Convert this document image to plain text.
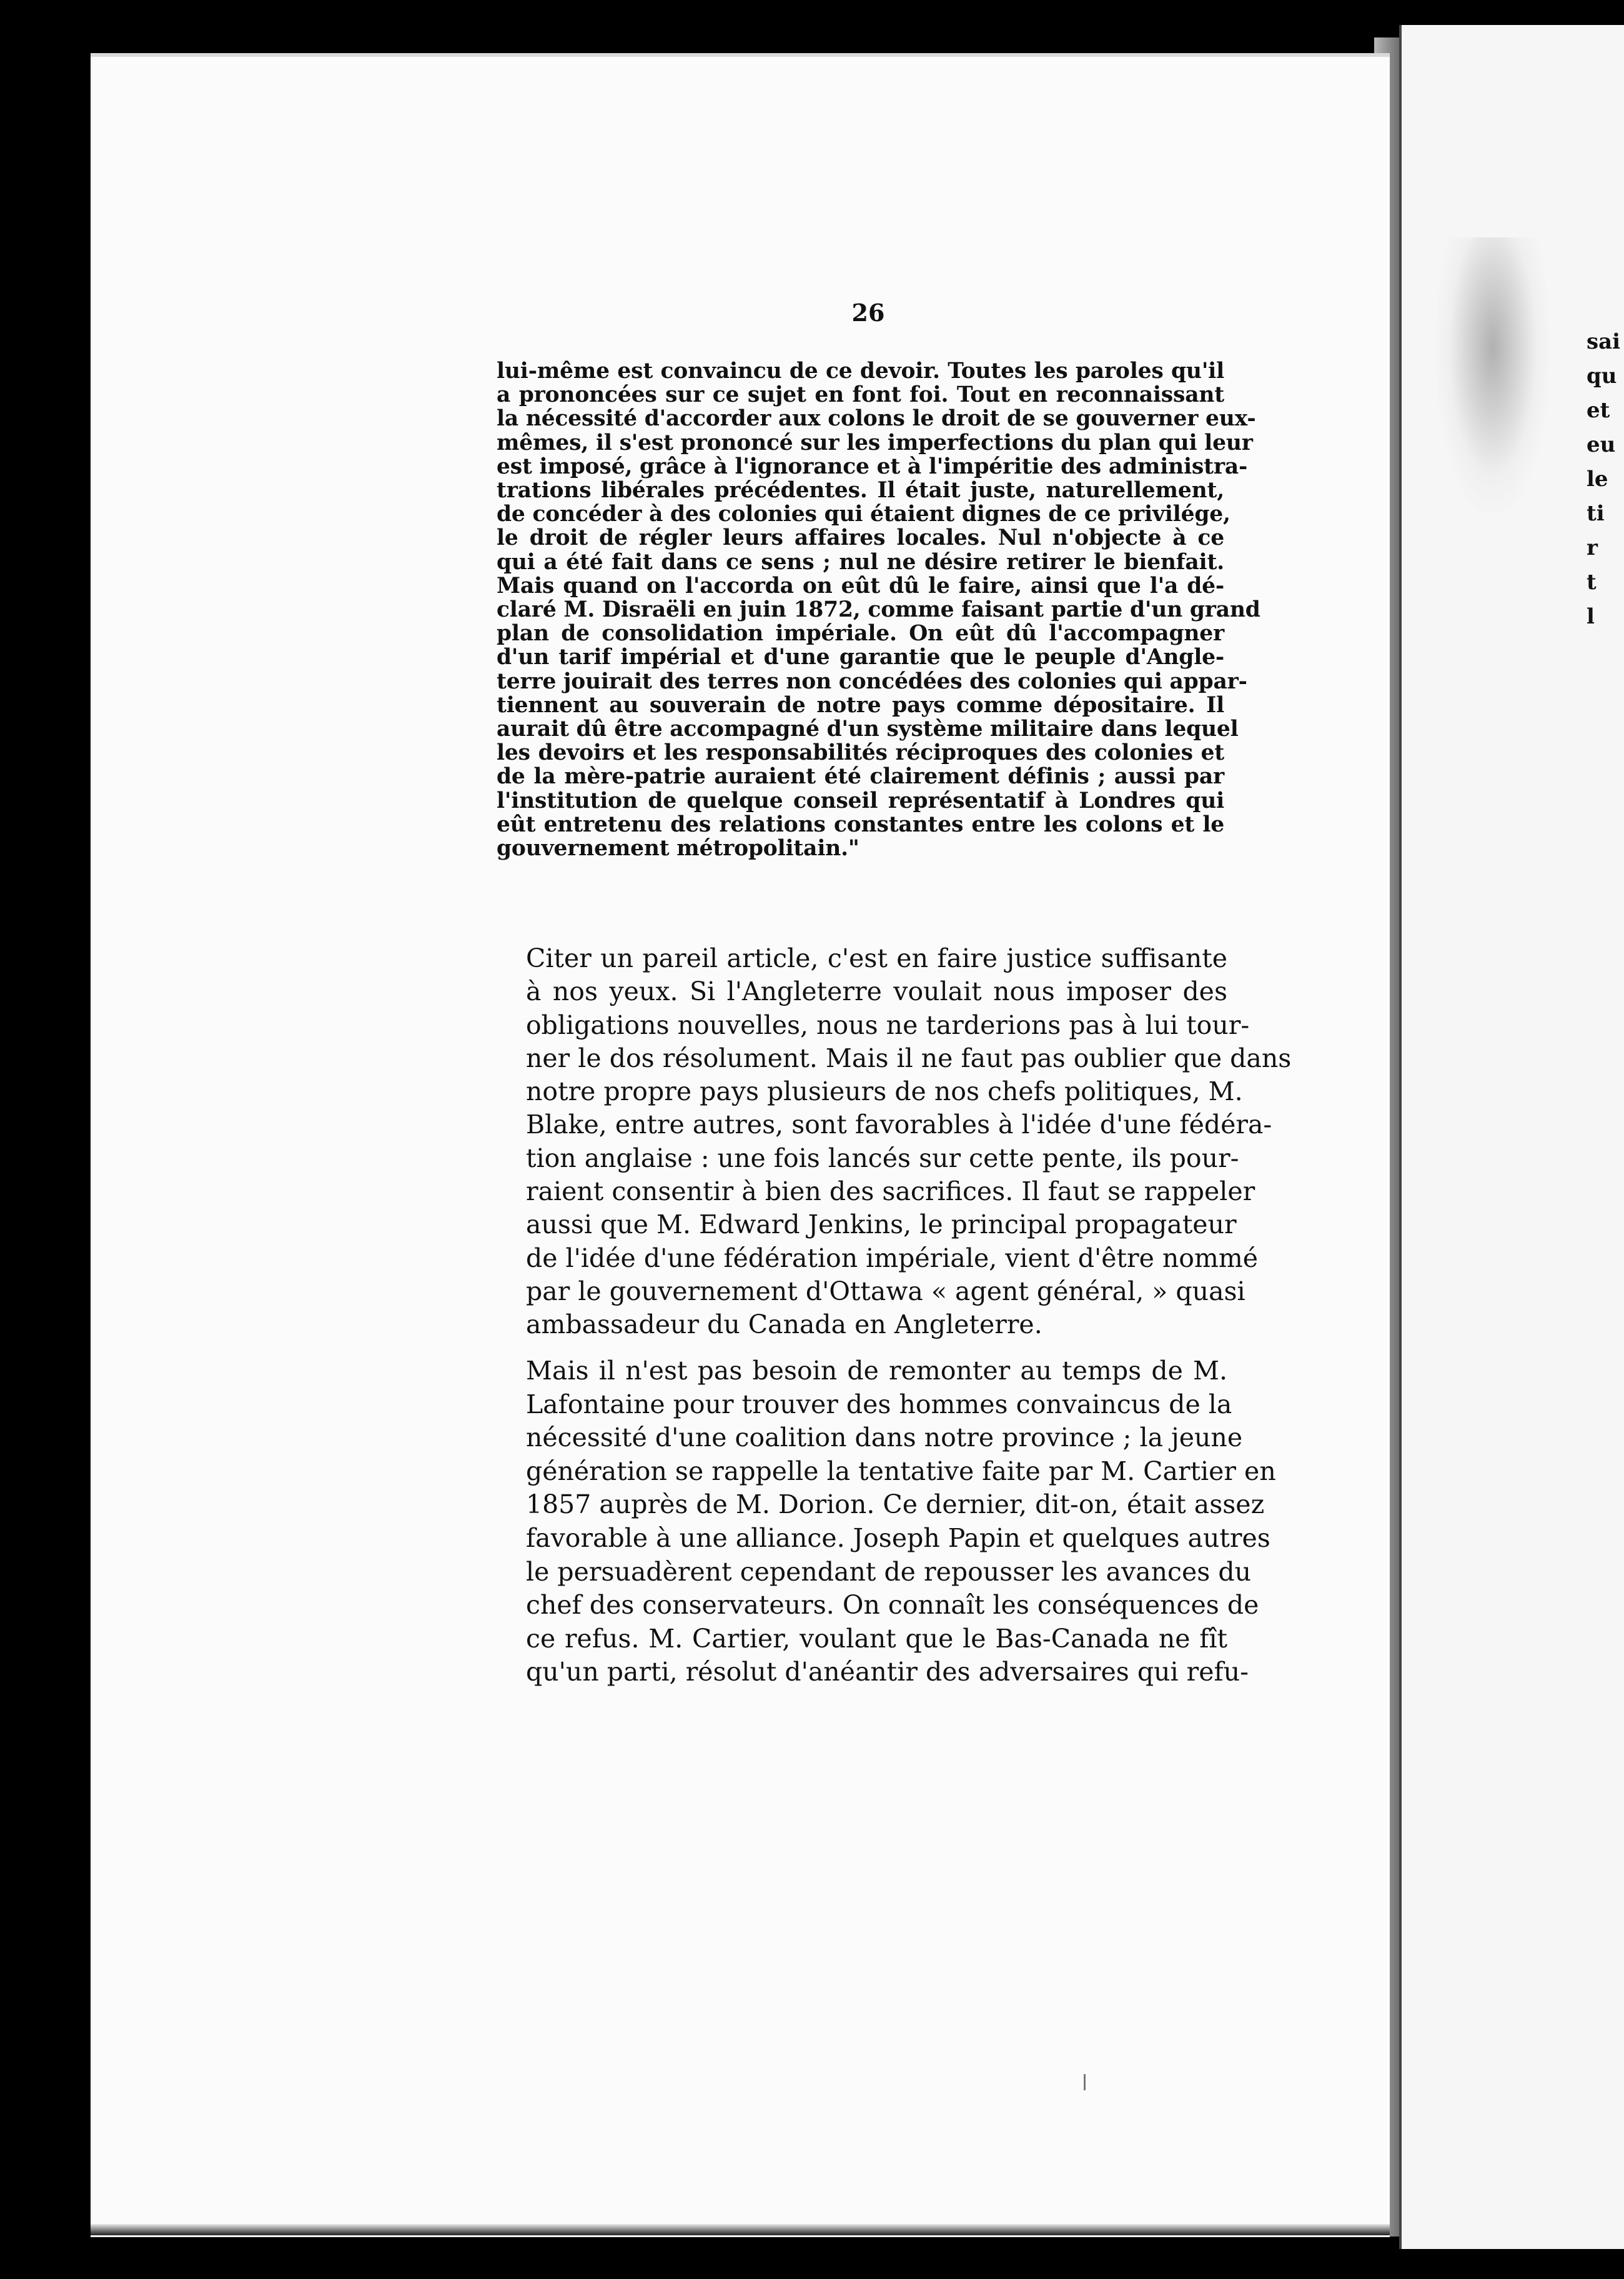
sai
qu
et
eu
le
ti
r
t
l
26
lui-même est convaincu de ce devoir. Toutes les paroles qu'il
a prononcées sur ce sujet en font foi. Tout en reconnaissant
la nécessité d'accorder aux colons le droit de se gouverner eux-
mêmes, il s'est prononcé sur les imperfections du plan qui leur
est imposé, grâce à l'ignorance et à l'impéritie des administra-
trations libérales précédentes. Il était juste, naturellement,
de concéder à des colonies qui étaient dignes de ce privilége,
le droit de régler leurs affaires locales. Nul n'objecte à ce
qui a été fait dans ce sens ; nul ne désire retirer le bienfait.
Mais quand on l'accorda on eût dû le faire, ainsi que l'a dé-
claré M. Disraëli en juin 1872, comme faisant partie d'un grand
plan de consolidation impériale. On eût dû l'accompagner
d'un tarif impérial et d'une garantie que le peuple d'Angle-
terre jouirait des terres non concédées des colonies qui appar-
tiennent au souverain de notre pays comme dépositaire. Il
aurait dû être accompagné d'un système militaire dans lequel
les devoirs et les responsabilités réciproques des colonies et
de la mère-patrie auraient été clairement définis ; aussi par
l'institution de quelque conseil représentatif à Londres qui
eût entretenu des relations constantes entre les colons et le
gouvernement métropolitain."
Citer un pareil article, c'est en faire justice suffisante
à nos yeux. Si l'Angleterre voulait nous imposer des
obligations nouvelles, nous ne tarderions pas à lui tour-
ner le dos résolument. Mais il ne faut pas oublier que dans
notre propre pays plusieurs de nos chefs politiques, M.
Blake, entre autres, sont favorables à l'idée d'une fédéra-
tion anglaise : une fois lancés sur cette pente, ils pour-
raient consentir à bien des sacrifices. Il faut se rappeler
aussi que M. Edward Jenkins, le principal propagateur
de l'idée d'une fédération impériale, vient d'être nommé
par le gouvernement d'Ottawa « agent général, » quasi
ambassadeur du Canada en Angleterre.
Mais il n'est pas besoin de remonter au temps de M.
Lafontaine pour trouver des hommes convaincus de la
nécessité d'une coalition dans notre province ; la jeune
génération se rappelle la tentative faite par M. Cartier en
1857 auprès de M. Dorion. Ce dernier, dit-on, était assez
favorable à une alliance. Joseph Papin et quelques autres
le persuadèrent cependant de repousser les avances du
chef des conservateurs. On connaît les conséquences de
ce refus. M. Cartier, voulant que le Bas-Canada ne fît
qu'un parti, résolut d'anéantir des adversaires qui refu-
